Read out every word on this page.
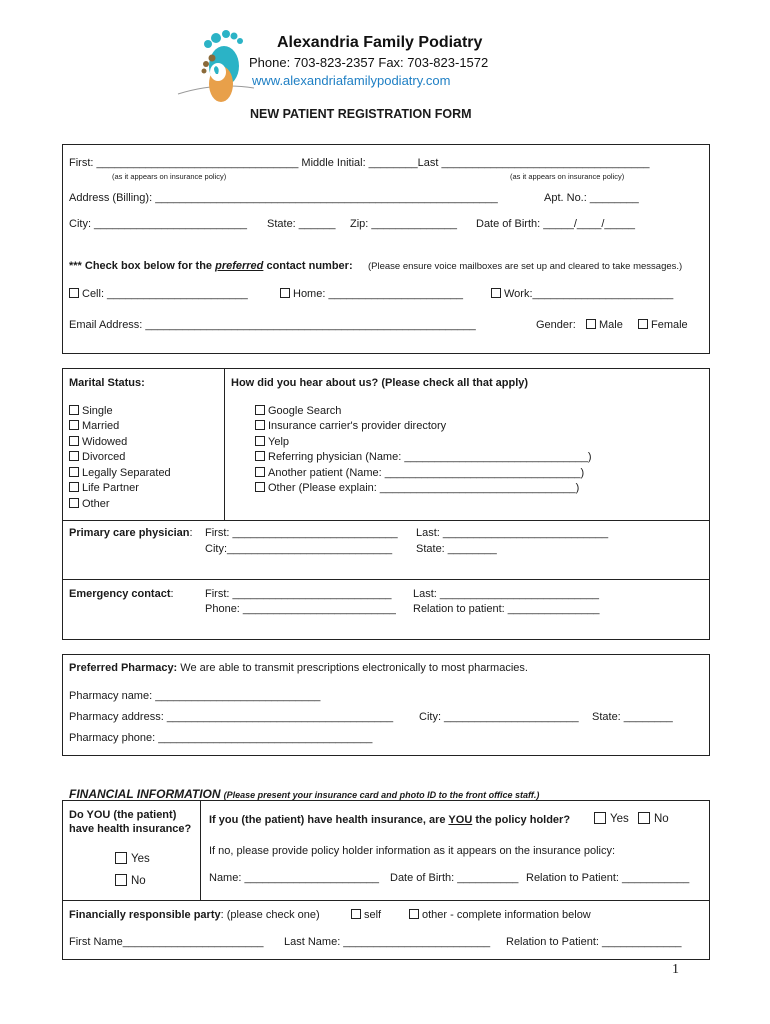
Alexandria Family Podiatry
Phone: 703-823-2357 Fax: 703-823-1572
www.alexandriafamilypodiatry.com
NEW PATIENT REGISTRATION FORM
First: _________________________________ Middle Initial: ________Last __________________________________
(as it appears on insurance policy)	(as it appears on insurance policy)
Address (Billing): ________________________________________________________	Apt. No.: ________
City: _________________________ State: ______ Zip: ______________ Date of Birth: _____/____/_____
*** Check box below for the preferred contact number: (Please ensure voice mailboxes are set up and cleared to take messages.)
Cell: _______________________	Home: ______________________	Work:_______________________
Email Address: ______________________________________________________	Gender:	Male	Female
Marital Status:	How did you hear about us? (Please check all that apply)
Single
Married
Widowed
Divorced
Legally Separated
Life Partner
Other
Google Search
Insurance carrier's provider directory
Yelp
Referring physician (Name: ______________________________)
Another patient (Name: ________________________________)
Other (Please explain: ________________________________)
Primary care physician: First: ___________________________ Last: ___________________________
City:___________________________ State: ________
Emergency contact:	First: __________________________ Last: __________________________
Phone: _________________________ Relation to patient: _______________
Preferred Pharmacy: We are able to transmit prescriptions electronically to most pharmacies.
Pharmacy name: ___________________________
Pharmacy address: _____________________________________ City: ______________________ State: ________
Pharmacy phone: ___________________________________
FINANCIAL INFORMATION (Please present your insurance card and photo ID to the front office staff.)
Do YOU (the patient)
have health insurance?
Yes
No
If you (the patient) have health insurance, are YOU the policy holder?	Yes	No
If no, please provide policy holder information as it appears on the insurance policy:
Name: ______________________ Date of Birth: __________ Relation to Patient: ___________
Financially responsible party: (please check one)	self	other - complete information below
First Name_______________________ Last Name: ________________________ Relation to Patient: _____________
1
